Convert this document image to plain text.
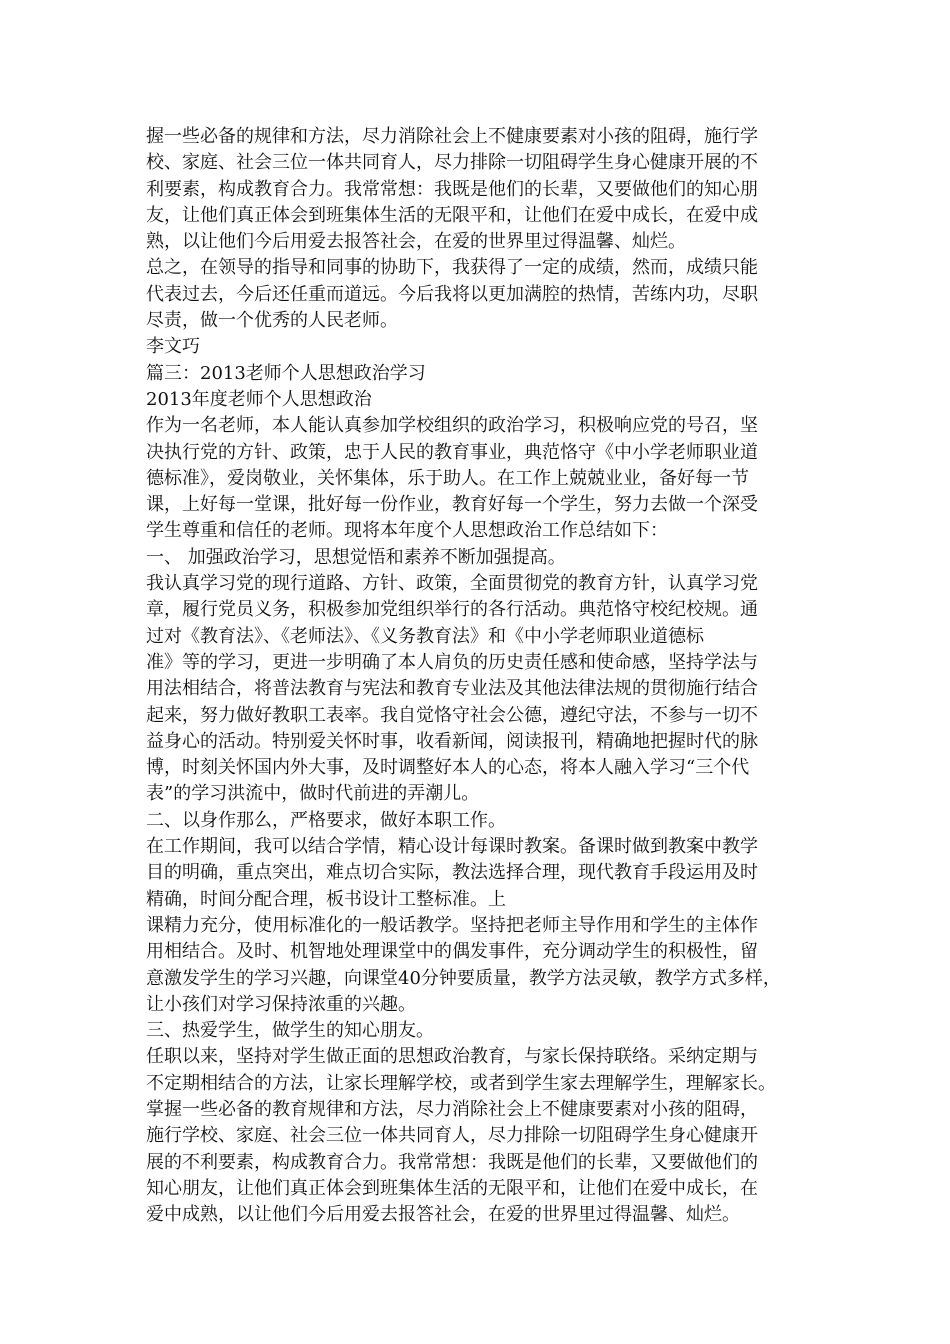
握一些必备的规律和方法，尽力消除社会上不健康要素对小孩的阻碍，施行学
校、家庭、社会三位一体共同育人，尽力排除一切阻碍学生身心健康开展的不
利要素，构成教育合力。我常常想：我既是他们的长辈，又要做他们的知心朋
友，让他们真正体会到班集体生活的无限平和，让他们在爱中成长，在爱中成
熟，以让他们今后用爱去报答社会，在爱的世界里过得温馨、灿烂。
总之，在领导的指导和同事的协助下，我获得了一定的成绩，然而，成绩只能
代表过去，今后还任重而道远。今后我将以更加满腔的热情，苦练内功，尽职
尽责，做一个优秀的人民老师。
李文巧
篇三：2013老师个人思想政治学习
2013年度老师个人思想政治
作为一名老师，本人能认真参加学校组织的政治学习，积极响应党的号召，坚
决执行党的方针、政策，忠于人民的教育事业，典范恪守《中小学老师职业道
德标准》，爱岗敬业，关怀集体，乐于助人。在工作上兢兢业业，备好每一节
课，上好每一堂课，批好每一份作业，教育好每一个学生，努力去做一个深受
学生尊重和信任的老师。现将本年度个人思想政治工作总结如下：
一、 加强政治学习，思想觉悟和素养不断加强提高。
我认真学习党的现行道路、方针、政策，全面贯彻党的教育方针，认真学习党
章，履行党员义务，积极参加党组织举行的各行活动。典范恪守校纪校规。通
过对《教育法》、《老师法》、《义务教育法》和《中小学老师职业道德标
准》等的学习，更进一步明确了本人肩负的历史责任感和使命感，坚持学法与
用法相结合，将普法教育与宪法和教育专业法及其他法律法规的贯彻施行结合
起来，努力做好教职工表率。我自觉恪守社会公德，遵纪守法，不参与一切不
益身心的活动。特别爱关怀时事，收看新闻，阅读报刊，精确地把握时代的脉
博，时刻关怀国内外大事，及时调整好本人的心态，将本人融入学习“三个代
表”的学习洪流中，做时代前进的弄潮儿。
二、以身作那么，严格要求，做好本职工作。
在工作期间，我可以结合学情，精心设计每课时教案。备课时做到教案中教学
目的明确，重点突出，难点切合实际，教法选择合理，现代教育手段运用及时
精确，时间分配合理，板书设计工整标准。上
课精力充分，使用标准化的一般话教学。坚持把老师主导作用和学生的主体作
用相结合。及时、机智地处理课堂中的偶发事件，充分调动学生的积极性，留
意激发学生的学习兴趣，向课堂40分钟要质量，教学方法灵敏，教学方式多样，
让小孩们对学习保持浓重的兴趣。
三、热爱学生，做学生的知心朋友。
任职以来，坚持对学生做正面的思想政治教育，与家长保持联络。采纳定期与
不定期相结合的方法，让家长理解学校，或者到学生家去理解学生，理解家长。
掌握一些必备的教育规律和方法，尽力消除社会上不健康要素对小孩的阻碍，
施行学校、家庭、社会三位一体共同育人，尽力排除一切阻碍学生身心健康开
展的不利要素，构成教育合力。我常常想：我既是他们的长辈，又要做他们的
知心朋友，让他们真正体会到班集体生活的无限平和，让他们在爱中成长，在
爱中成熟，以让他们今后用爱去报答社会，在爱的世界里过得温馨、灿烂。
